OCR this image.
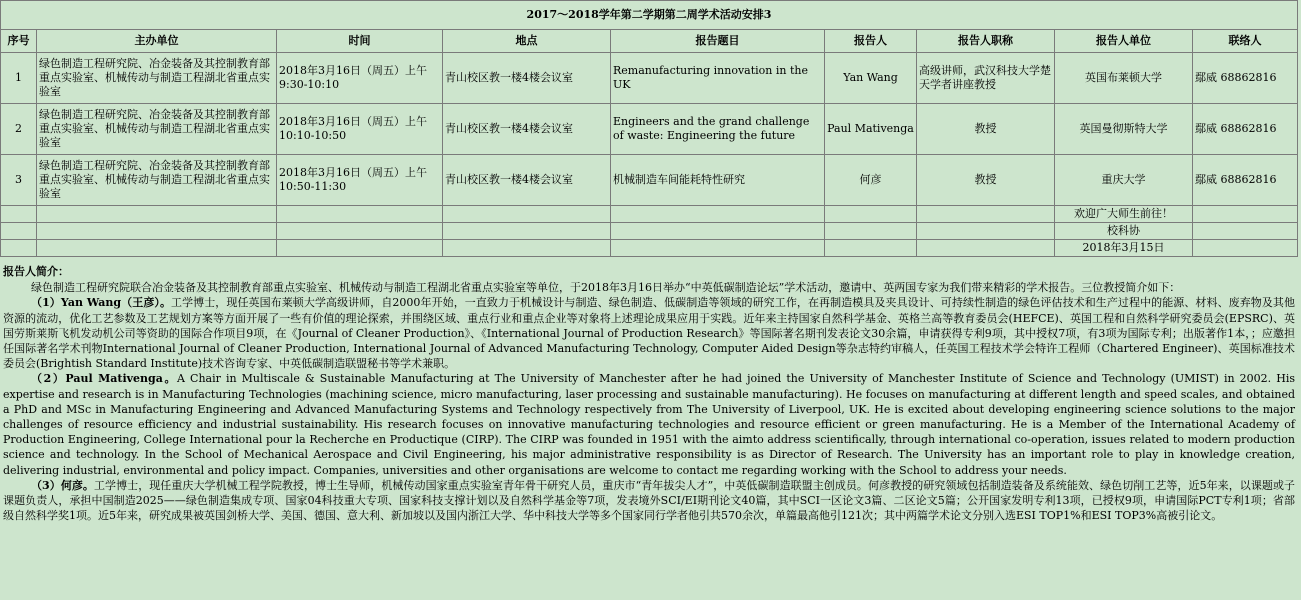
2017～2018学年第二学期第二周学术活动安排3								
序号	主办单位	时间	地点	报告题目	报告人	报告人职称	报告人单位	联络人
1	绿色制造工程研究院、冶金装备及其控制教育部重点实验室、机械传动与制造工程湖北省重点实验室	2018年3月16日（周五）上午9:30-10:10	青山校区教一楼4楼会议室	Remanufacturing innovation in the UK	Yan Wang	高级讲师，武汉科技大学楚天学者讲座教授	英国布莱顿大学	鄢威 68862816
2	绿色制造工程研究院、冶金装备及其控制教育部重点实验室、机械传动与制造工程湖北省重点实验室	2018年3月16日（周五）上午10:10-10:50	青山校区教一楼4楼会议室	Engineers and the grand challenge of waste: Engineering the future	Paul Mativenga	教授	英国曼彻斯特大学	鄢威 68862816
3	绿色制造工程研究院、冶金装备及其控制教育部重点实验室、机械传动与制造工程湖北省重点实验室	2018年3月16日（周五）上午10:50-11:30	青山校区教一楼4楼会议室	机械制造车间能耗特性研究	何彦	教授	重庆大学	鄢威 68862816
							欢迎广大师生前往！	
							校科协	
							2018年3月15日	
报告人简介：

绿色制造工程研究院联合冶金装备及其控制教育部重点实验室、机械传动与制造工程湖北省重点实验室等单位，于2018年3月16日举办“中英低碳制造论坛”学术活动，邀请中、英两国专家为我们带来精彩的学术报告。三位教授简介如下：

（1）Yan Wang（王彦）。工学博士，现任英国布莱顿大学高级讲师，自2000年开始，一直致力于机械设计与制造、绿色制造、低碳制造等领域的研究工作，在再制造模具及夹具设计、可持续性制造的绿色评估技术和生产过程中的能源、材料、废弃物及其他资源的流动，优化工艺参数及工艺规划方案等方面开展了一些有价值的理论探索，并围绕区域、重点行业和重点企业等对象将上述理论成果应用于实践。近年来主持国家自然科学基金、英格兰高等教育委员会(HEFCE)、英国工程和自然科学研究委员会(EPSRC)、英国劳斯莱斯飞机发动机公司等资助的国际合作项目9项，在《Journal of Cleaner Production》、《International Journal of Production Research》等国际著名期刊发表论文30余篇，申请获得专利9项，其中授权7项，有3项为国际专利；出版著作1本，；应邀担任国际著名学术刊物International Journal of Cleaner Production, International Journal of Advanced Manufacturing Technology, Computer Aided Design等杂志特约审稿人，任英国工程技术学会特许工程师（Chartered Engineer)、英国标准技术委员会(Brightish Standard Institute)技术咨询专家、中英低碳制造联盟秘书等学术兼职。

（2）Paul Mativenga。A Chair in Multiscale & Sustainable Manufacturing at The University of Manchester after he had joined the University of Manchester Institute of Science and Technology (UMIST) in 2002. His expertise and research is in Manufacturing Technologies (machining science, micro manufacturing, laser processing and sustainable manufacturing). He focuses on manufacturing at different length and speed scales, and obtained a PhD and MSc in Manufacturing Engineering and Advanced Manufacturing Systems and Technology respectively from The University of Liverpool, UK. He is excited about developing engineering science solutions to the major challenges of resource efficiency and industrial sustainability. His research focuses on innovative manufacturing technologies and resource efficient or green manufacturing. He is a Member of the International Academy of Production Engineering, College International pour la Recherche en Productique (CIRP). The CIRP was founded in 1951 with the aimto address scientifically, through international co-operation, issues related to modern production science and technology. In the School of Mechanical Aerospace and Civil Engineering, his major administrative responsibility is as Director of Research. The University has an important role to play in knowledge creation, delivering industrial, environmental and policy impact. Companies, universities and other organisations are welcome to contact me regarding working with the School to address your needs.

（3）何彦。工学博士，现任重庆大学机械工程学院教授，博士生导师，机械传动国家重点实验室青年骨干研究人员，重庆市“青年拔尖人才”，中英低碳制造联盟主创成员。何彦教授的研究领域包括制造装备及系统能效、绿色切削工艺等，近5年来，以课题或子课题负责人，承担中国制造2025——绿色制造集成专项、国家04科技重大专项、国家科技支撑计划以及自然科学基金等7项，发表境外SCI/EI期刊论文40篇，其中SCI一区论文3篇、二区论文5篇；公开国家发明专利13项，已授权9项，申请国际PCT专利1项；省部级自然科学奖1项。近5年来，研究成果被英国剑桥大学、美国、德国、意大利、新加坡以及国内浙江大学、华中科技大学等多个国家同行学者他引共570余次，单篇最高他引121次；其中两篇学术论文分别入选ESI TOP1%和ESI TOP3%高被引论文。
